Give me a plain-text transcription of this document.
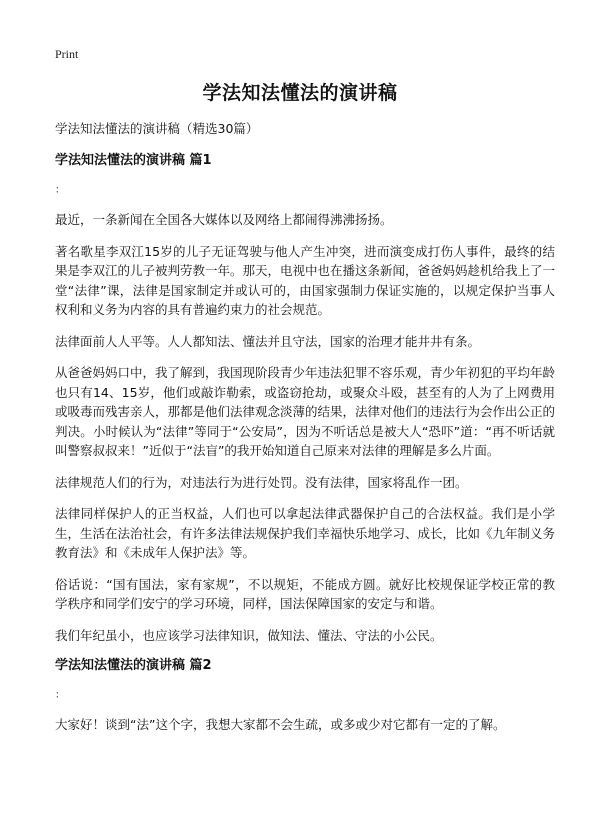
Print
学法知法懂法的演讲稿

学法知法懂法的演讲稿（精选30篇）

学法知法懂法的演讲稿 篇1

：

最近，一条新闻在全国各大媒体以及网络上都闹得沸沸扬扬。

著名歌星李双江15岁的儿子无证驾驶与他人产生冲突，进而演变成打伤人事件，最终的结果是李双江的儿子被判劳教一年。那天，电视中也在播这条新闻，爸爸妈妈趁机给我上了一堂“法律”课，法律是国家制定并或认可的，由国家强制力保证实施的，以规定保护当事人权利和义务为内容的具有普遍约束力的社会规范。

法律面前人人平等。人人都知法、懂法并且守法，国家的治理才能井井有条。

从爸爸妈妈口中，我了解到，我国现阶段青少年违法犯罪不容乐观，青少年初犯的平均年龄也只有14、15岁，他们或敲诈勒索，或盗窃抢劫，或聚众斗殴，甚至有的人为了上网费用或吸毒而残害亲人，那都是他们法律观念淡薄的结果，法律对他们的违法行为会作出公正的判决。小时候认为“法律”等同于“公安局”，因为不听话总是被大人“恐吓”道：“再不听话就叫警察叔叔来！”近似于“法盲”的我开始知道自己原来对法律的理解是多么片面。

法律规范人们的行为，对违法行为进行处罚。没有法律，国家将乱作一团。

法律同样保护人的正当权益，人们也可以拿起法律武器保护自己的合法权益。我们是小学生，生活在法治社会，有许多法律法规保护我们幸福快乐地学习、成长，比如《九年制义务教育法》和《未成年人保护法》等。

俗话说：“国有国法，家有家规”，不以规矩，不能成方圆。就好比校规保证学校正常的教学秩序和同学们安宁的学习环境，同样，国法保障国家的安定与和谐。

我们年纪虽小，也应该学习法律知识，做知法、懂法、守法的小公民。

学法知法懂法的演讲稿 篇2

：

大家好！谈到“法”这个字，我想大家都不会生疏，或多或少对它都有一定的了解。
